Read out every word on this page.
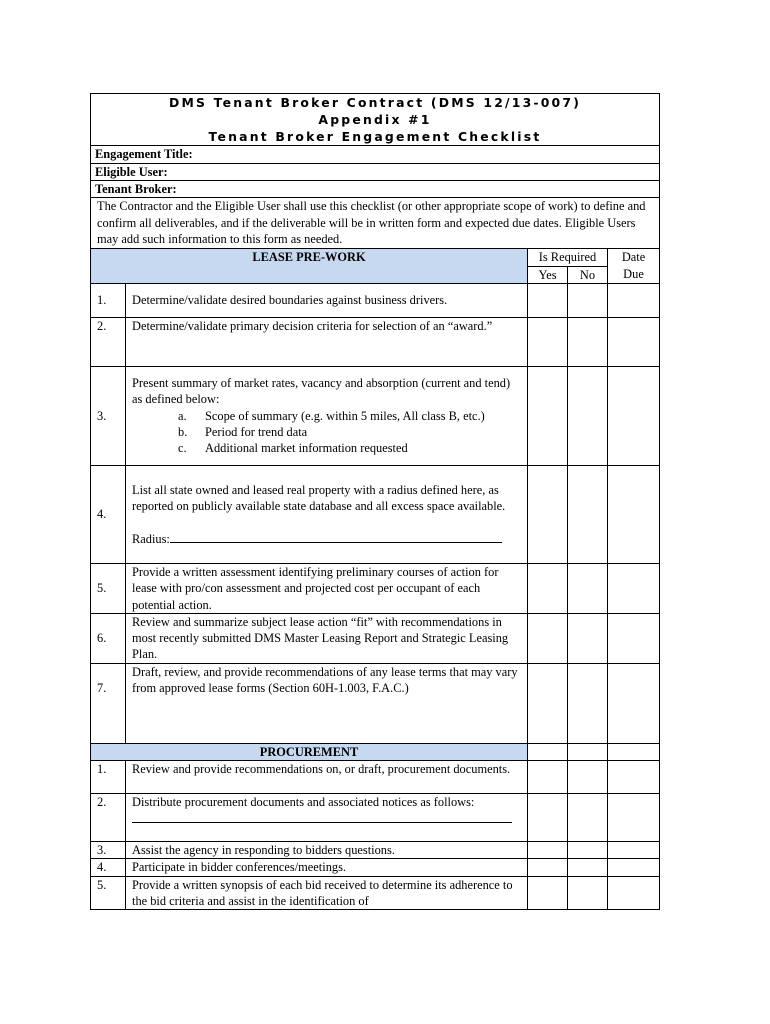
DMS Tenant Broker Contract (DMS 12/13-007)
Appendix #1
Tenant Broker Engagement Checklist				

Engagement Title:				
Eligible User:				
Tenant Broker:				
The Contractor and the Eligible User shall use this checklist (or other appropriate scope of work) to define and confirm all deliverables, and if the deliverable will be in written form and expected due dates. Eligible Users may add such information to this form as needed.				
LEASE PRE-WORK		Is Required		Date Due
		Yes	No	
1.	Determine/validate desired boundaries against business drivers.			
2.	Determine/validate primary decision criteria for selection of an “award.”			
3.	Present summary of market rates, vacancy and absorption (current and tend) as defined below:
a. Scope of summary (e.g. within 5 miles, All class B, etc.)
b. Period for trend data
c. Additional market information requested			

4.	List all state owned and leased real property with a radius defined here, as reported on publicly available state database and all excess space available.
Radius:			

5.	Provide a written assessment identifying preliminary courses of action for lease with pro/con assessment and projected cost per occupant of each potential action.			
6.	Review and summarize subject lease action “fit” with recommendations in most recently submitted DMS Master Leasing Report and Strategic Leasing Plan.			
7.	Draft, review, and provide recommendations of any lease terms that may vary from approved lease forms (Section 60H-1.003, F.A.C.)			
PROCUREMENT				
1.	Review and provide recommendations on, or draft, procurement documents.			
2.	Distribute procurement documents and associated notices as follows:			

3.	Assist the agency in responding to bidders questions.			
4.	Participate in bidder conferences/meetings.			
5.	Provide a written synopsis of each bid received to determine its adherence to the bid criteria and assist in the identification of			
